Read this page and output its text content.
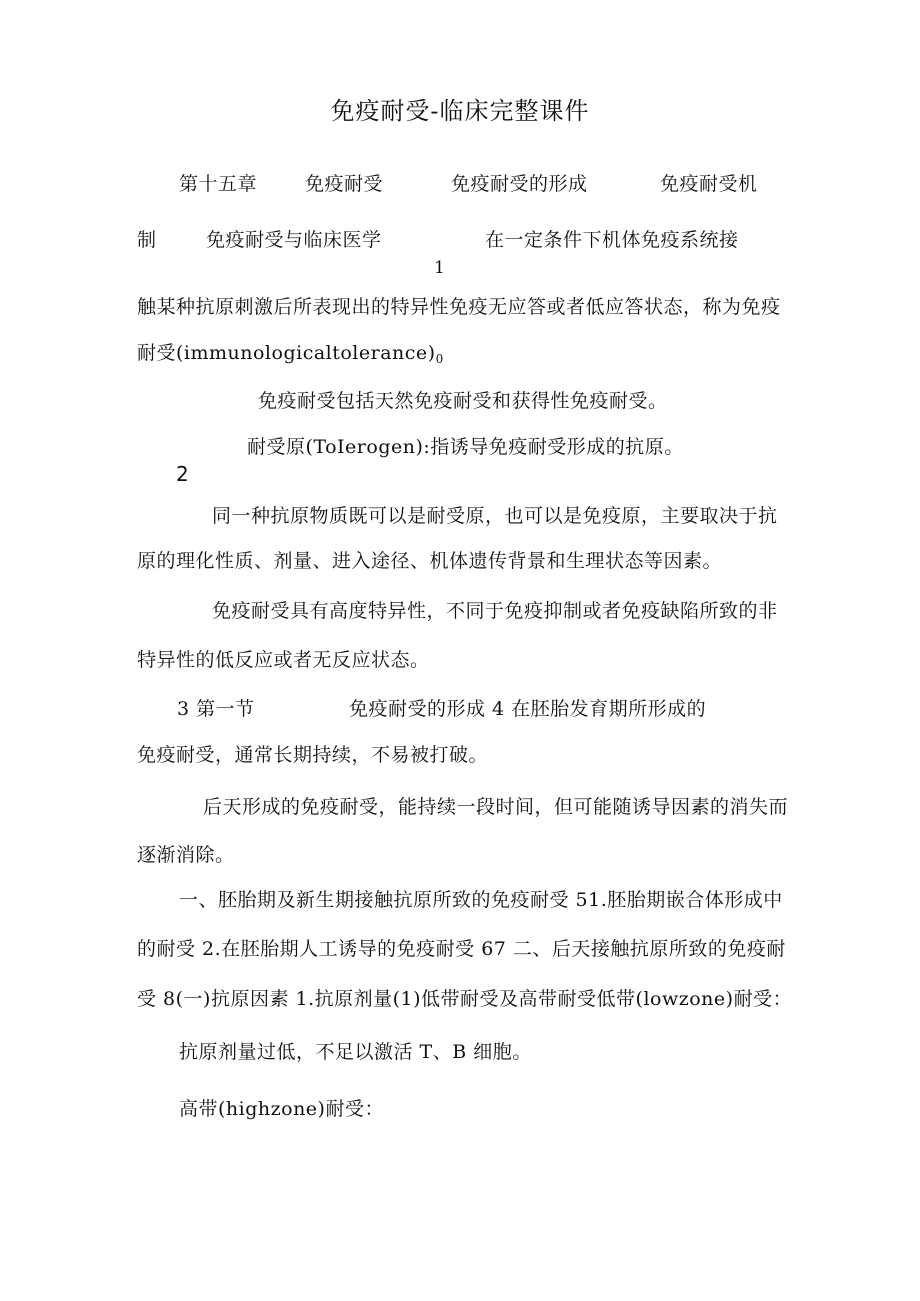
免疫耐受-临床完整课件
第十五章	免疫耐受	免疫耐受的形成	免疫耐受机
制	免疫耐受与临床医学	在一定条件下机体免疫系统接
1
触某种抗原刺激后所表现出的特异性免疫无应答或者低应答状态，称为免疫
耐受$(immunologicaltolerance)_0$
免疫耐受包括天然免疫耐受和获得性免疫耐受。
耐受原(ToIerogen):指诱导免疫耐受形成的抗原。
2
同一种抗原物质既可以是耐受原，也可以是免疫原，主要取决于抗
原的理化性质、剂量、进入途径、机体遗传背景和生理状态等因素。
免疫耐受具有高度特异性，不同于免疫抑制或者免疫缺陷所致的非
特异性的低反应或者无反应状态。
3 第一节	免疫耐受的形成 4 在胚胎发育期所形成的
免疫耐受，通常长期持续，不易被打破。
后天形成的免疫耐受，能持续一段时间，但可能随诱导因素的消失而
逐渐消除。
一、胚胎期及新生期接触抗原所致的免疫耐受 51.胚胎期嵌合体形成中
的耐受 2.在胚胎期人工诱导的免疫耐受 67 二、后天接触抗原所致的免疫耐
受 8(一)抗原因素 1.抗原剂量(1)低带耐受及高带耐受低带(lowzone)耐受：
抗原剂量过低，不足以激活 T、B 细胞。
高带(highzone)耐受：
